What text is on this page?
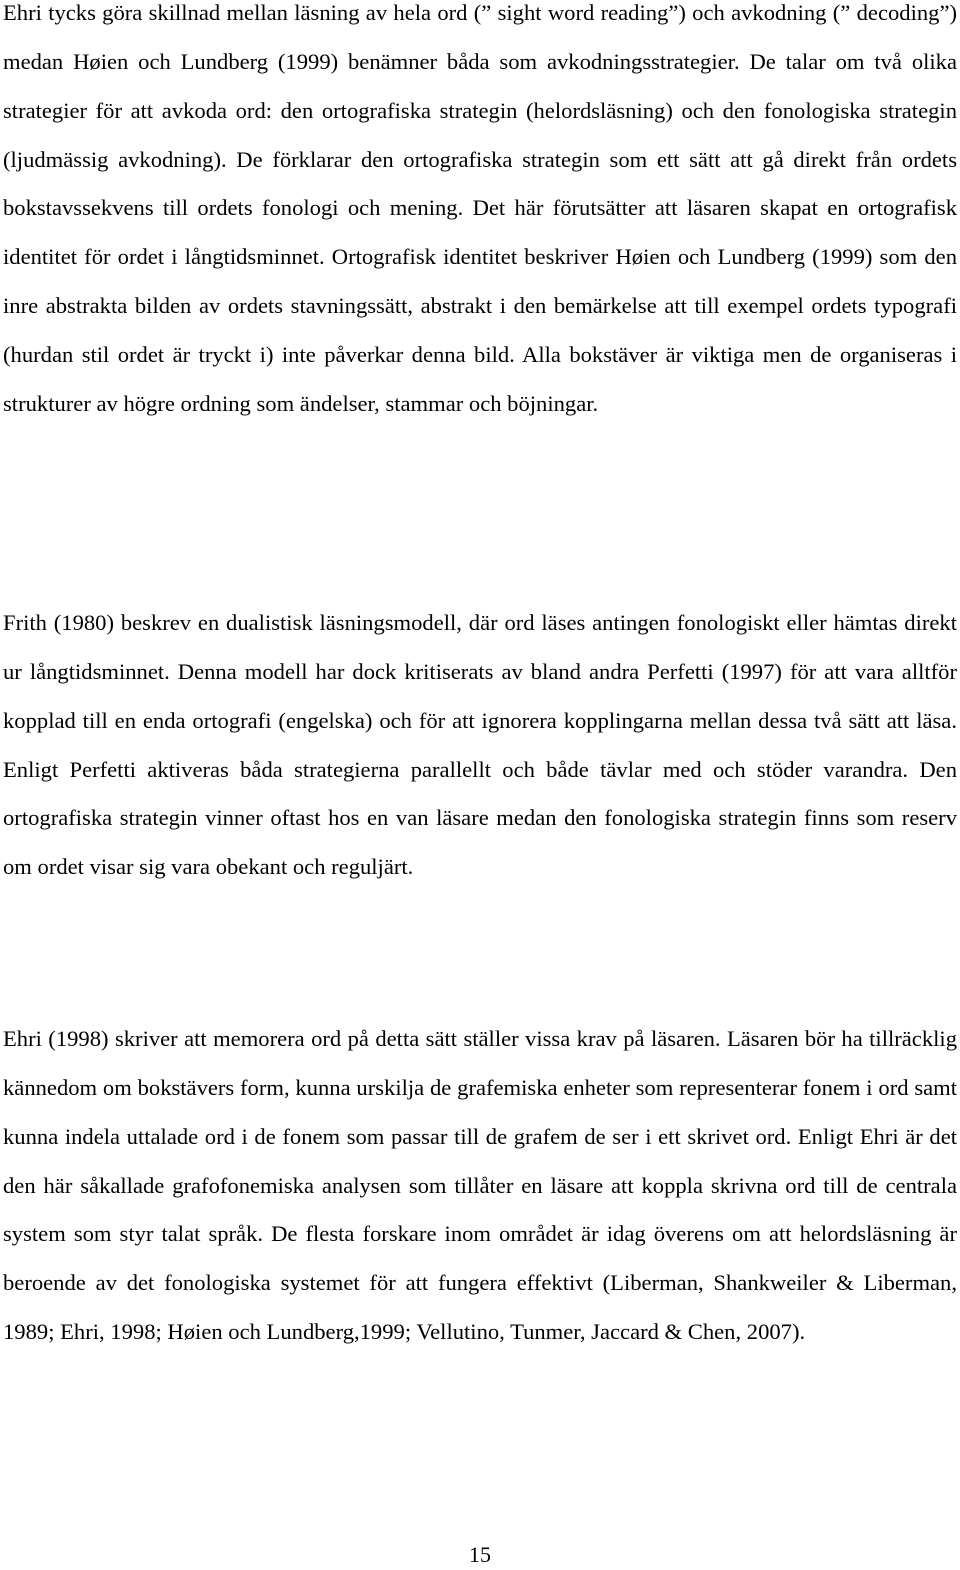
Ehri tycks göra skillnad mellan läsning av hela ord (” sight word reading”) och avkodning (” decoding”) medan Høien och Lundberg (1999) benämner båda som avkodningsstrategier. De talar om två olika strategier för att avkoda ord: den ortografiska strategin (helordsläsning) och den fonologiska strategin (ljudmässig avkodning). De förklarar den ortografiska strategin som ett sätt att gå direkt från ordets bokstavssekvens till ordets fonologi och mening. Det här förutsätter att läsaren skapat en ortografisk identitet för ordet i långtidsminnet. Ortografisk identitet beskriver Høien och Lundberg (1999) som den inre abstrakta bilden av ordets stavningssätt, abstrakt i den bemärkelse att till exempel ordets typografi (hurdan stil ordet är tryckt i) inte påverkar denna bild. Alla bokstäver är viktiga men de organiseras i strukturer av högre ordning som ändelser, stammar och böjningar.

Frith (1980) beskrev en dualistisk läsningsmodell, där ord läses antingen fonologiskt eller hämtas direkt ur långtidsminnet. Denna modell har dock kritiserats av bland andra Perfetti (1997) för att vara alltför kopplad till en enda ortografi (engelska) och för att ignorera kopplingarna mellan dessa två sätt att läsa. Enligt Perfetti aktiveras båda strategierna parallellt och både tävlar med och stöder varandra. Den ortografiska strategin vinner oftast hos en van läsare medan den fonologiska strategin finns som reserv om ordet visar sig vara obekant och reguljärt.

Ehri (1998) skriver att memorera ord på detta sätt ställer vissa krav på läsaren. Läsaren bör ha tillräcklig kännedom om bokstävers form, kunna urskilja de grafemiska enheter som representerar fonem i ord samt kunna indela uttalade ord i de fonem som passar till de grafem de ser i ett skrivet ord. Enligt Ehri är det den här såkallade grafofonemiska analysen som tillåter en läsare att koppla skrivna ord till de centrala system som styr talat språk. De flesta forskare inom området är idag överens om att helordsläsning är beroende av det fonologiska systemet för att fungera effektivt (Liberman, Shankweiler & Liberman, 1989; Ehri, 1998; Høien och Lundberg,1999; Vellutino, Tunmer, Jaccard & Chen, 2007).

15
